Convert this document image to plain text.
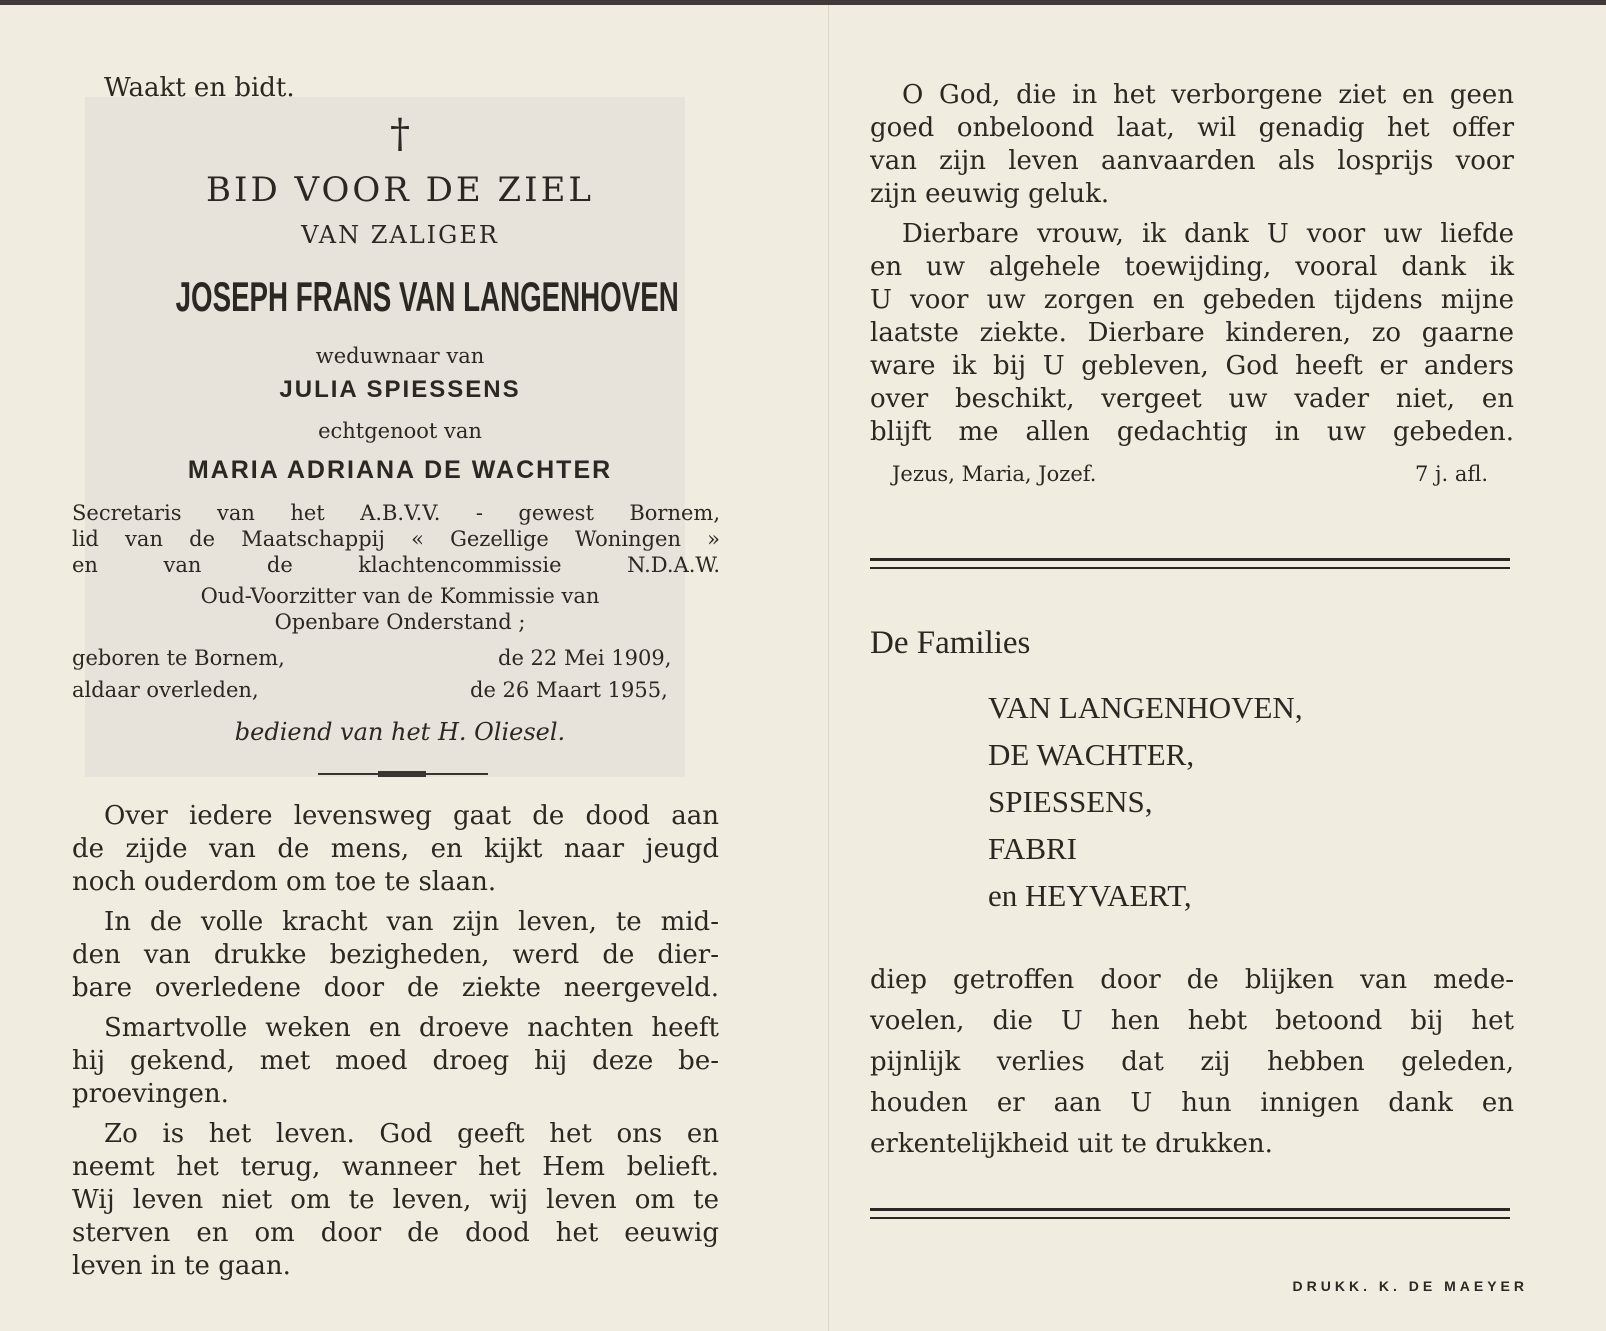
Waakt en bidt.
†
BID VOOR DE ZIEL
VAN ZALIGER
JOSEPH FRANS VAN LANGENHOVEN
weduwnaar van
JULIA SPIESSENS
echtgenoot van
MARIA ADRIANA DE WACHTER
Secretaris van het A.B.V.V. - gewest Bornem,
lid van de Maatschappij « Gezellige Woningen »
en van de klachtencommissie N.D.A.W.
Oud-Voorzitter van de Kommissie van
Openbare Onderstand ;
geboren te Bornem,	de 22 Mei 1909,
aldaar overleden,	de 26 Maart 1955,
bediend van het H. Oliesel.
Over iedere levensweg gaat de dood aan
de zijde van de mens, en kijkt naar jeugd
noch ouderdom om toe te slaan.
In de volle kracht van zijn leven, te mid-
den van drukke bezigheden, werd de dier-
bare overledene door de ziekte neergeveld.
Smartvolle weken en droeve nachten heeft
hij gekend, met moed droeg hij deze be-
proevingen.
Zo is het leven. God geeft het ons en
neemt het terug, wanneer het Hem belieft.
Wij leven niet om te leven, wij leven om te
sterven en om door de dood het eeuwig
leven in te gaan.
O God, die in het verborgene ziet en geen
goed onbeloond laat, wil genadig het offer
van zijn leven aanvaarden als losprijs voor
zijn eeuwig geluk.
Dierbare vrouw, ik dank U voor uw liefde
en uw algehele toewijding, vooral dank ik
U voor uw zorgen en gebeden tijdens mijne
laatste ziekte. Dierbare kinderen, zo gaarne
ware ik bij U gebleven, God heeft er anders
over beschikt, vergeet uw vader niet, en
blijft me allen gedachtig in uw gebeden.
Jezus, Maria, Jozef.	7 j. afl.
De Families
VAN LANGENHOVEN,
DE WACHTER,
SPIESSENS,
FABRI
en HEYVAERT,
diep getroffen door de blijken van mede-
voelen, die U hen hebt betoond bij het
pijnlijk verlies dat zij hebben geleden,
houden er aan U hun innigen dank en
erkentelijkheid uit te drukken.
DRUKK. K. DE MAEYER
